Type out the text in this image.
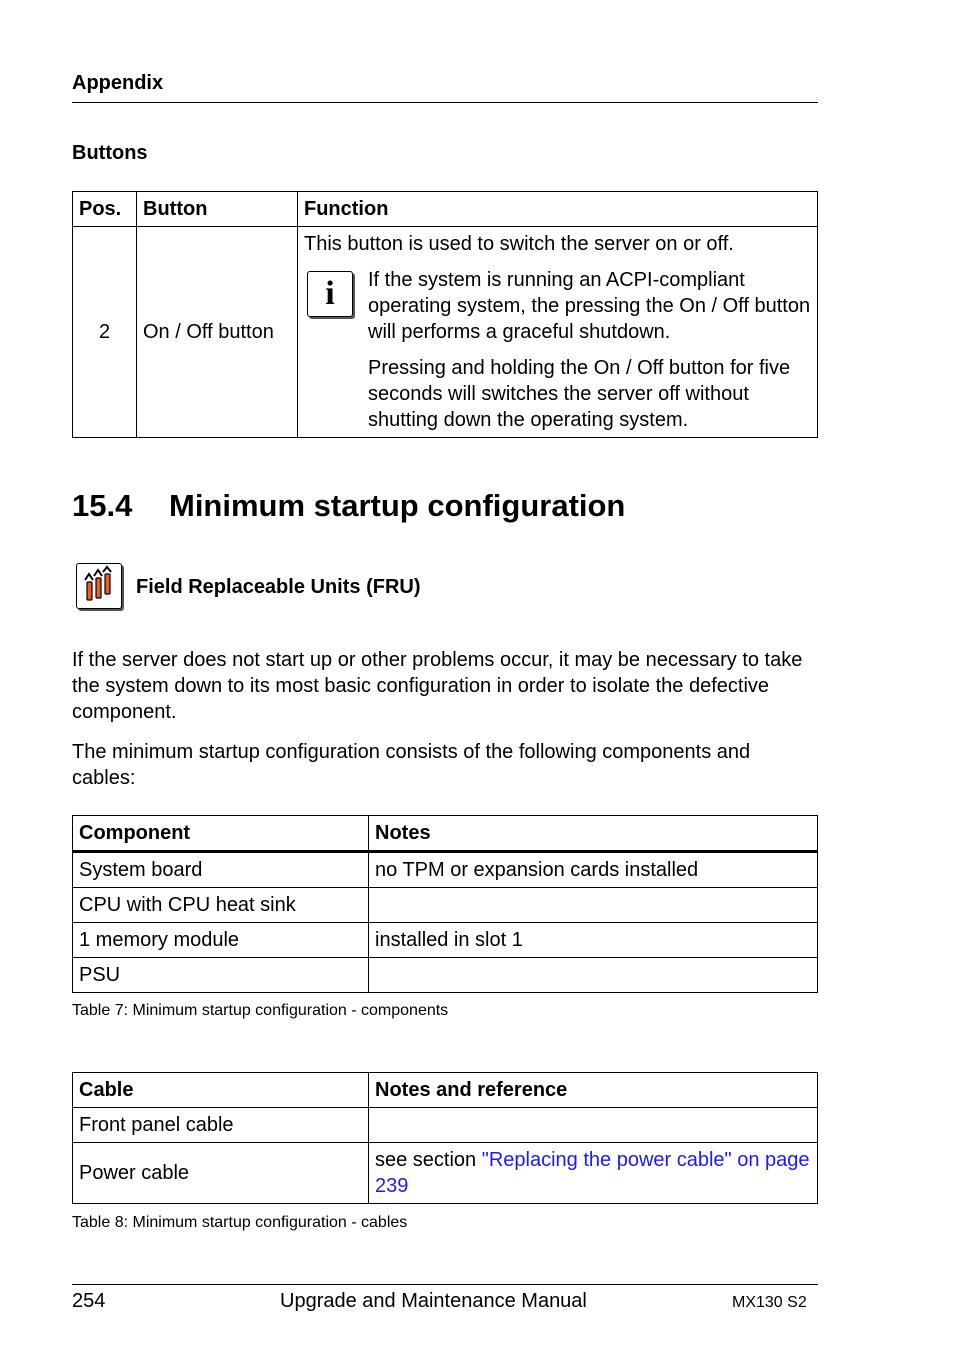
Appendix
Buttons
Pos.	Button	Function
2	On / Off button	This button is used to switch the server on or off.

i If the system is running an ACPI-compliant operating system, the pressing the On / Off button will performs a graceful shutdown.

Pressing and holding the On / Off button for five seconds will switches the server off without shutting down the operating system.

15.4 Minimum startup configuration
Field Replaceable Units (FRU)

If the server does not start up or other problems occur, it may be necessary to take the system down to its most basic configuration in order to isolate the defective component.

The minimum startup configuration consists of the following components and cables:

Component	Notes
System board	no TPM or expansion cards installed
CPU with CPU heat sink	
1 memory module	installed in slot 1
PSU	
Table 7: Minimum startup configuration - components
Cable	Notes and reference
Front panel cable	
Power cable	see section "Replacing the power cable" on page 239
Table 8: Minimum startup configuration - cables
254	Upgrade and Maintenance Manual	MX130 S2
